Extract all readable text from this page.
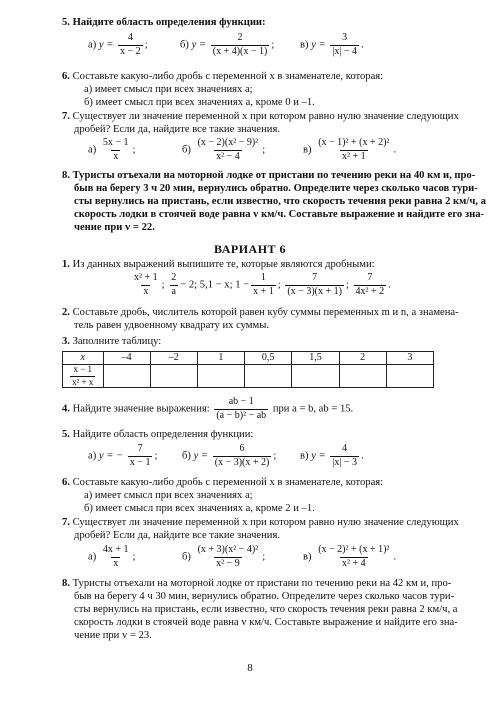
5. Найдите область определения функции:
а) $y = \frac{4}{x - 2}$ ;	б) $y = \frac{2}{(x + 4)(x - 1)}$ ; в) $y = \frac{3}{|x| - 4}$ .
6. Составьте какую-либо дробь с переменной x в знаменателе, которая:
а) имеет смысл при всех значениях a;
б) имеет смысл при всех значениях a, кроме 0 и –1.
7. Существует ли значение переменной x при котором равно нулю значение следующих
дробей? Если да, найдите все такие значения.
$а) \frac{5x - 1}{x}$ ;	$б) \frac{\text{(x − 2)(x² − 9)²}}{\text{x² − 4}}$ ;	$в) \frac{\text{(x − 1)² + (x + 2)²}}{\text{x² + 1}}$ .
8. Туристы отъехали на моторной лодке от пристани по течению реки на 40 км и, про-
быв на берегу 3 ч 20 мин, вернулись обратно. Определите через сколько часов тури-
сты вернулись на пристань, если известно, что скорость течения реки равна 2 км/ч, а
скорость лодки в стоячей воде равна v км/ч. Составьте выражение и найдите его зна-
чение при v = 22.
ВАРИАНТ 6
1. Из данных выражений выпишите те, которые являются дробными:
$\frac{\text{x² + 1}}{x}$ ; $\frac{2}{a} - 2$; 5,1 − x; $1 - \frac{1}{x + 1}$ ; $\frac{7}{(x - 3)(x + 1)}$ ; $\frac{7}{\text{4x² + 2}}$ .
2. Составьте дробь, числитель которой равен кубу суммы переменных m и n, а знамена-
тель равен удвоенному квадрату их суммы.
3. Заполните таблицу:
x	–4	–2	1	0,5	1,5	2	3

$\frac{x - 1}{\text{x² + x}}$

4. Найдите значение выражения: $\frac{ab - 1}{\text{(a − b)² − ab}}$ при a = b, ab = 15.
5. Найдите область определения функции:
а) y = − $\frac{7}{x - 1}$ ; б) $y = \frac{6}{(x - 3)(x + 2)}$ ; в) $y = \frac{4}{|x| - 3}$ .
6. Составьте какую-либо дробь с переменной x в знаменателе, которая:
а) имеет смысл при всех значениях a;
б) имеет смысл при всех значениях a, кроме 2 и –1.
7. Существует ли значение переменной x при котором равно нулю значение следующих
дробей? Если да, найдите все такие значения.
$а) \frac{4x + 1}{x}$ ;	$б) \frac{\text{(x + 3)(x² − 4)²}}{\text{x² − 9}}$ ;	$в) \frac{\text{(x − 2)² + (x + 1)²}}{\text{x² + 4}}$ .
8. Туристы отъехали на моторной лодке от пристани по течению реки на 42 км и, про-
быв на берегу 4 ч 30 мин, вернулись обратно. Определите через сколько часов тури-
сты вернулись на пристань, если известно, что скорость течения реки равна 2 км/ч, а
скорость лодки в стоячей воде равна v км/ч. Составьте выражение и найдите его зна-
чение при v = 23.
8
